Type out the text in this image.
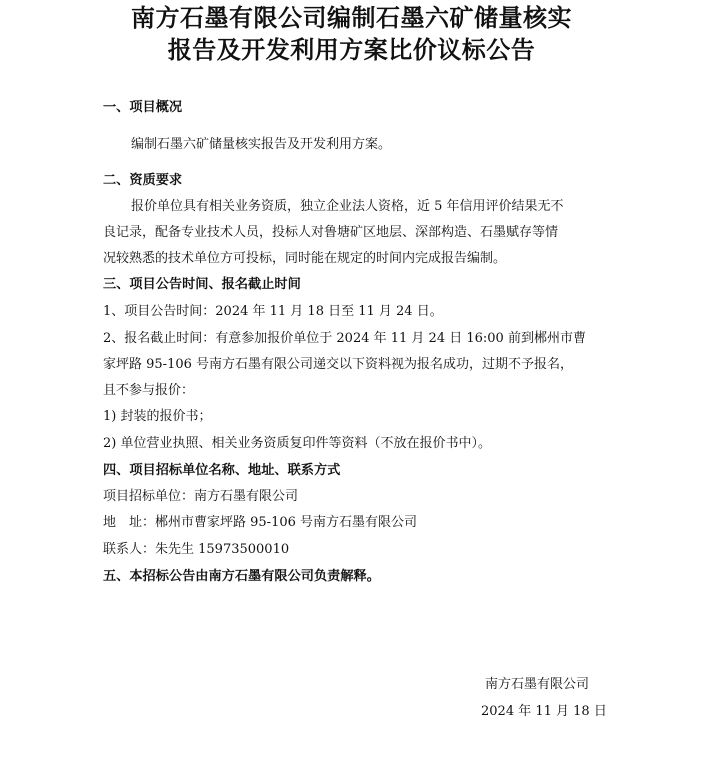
南方石墨有限公司编制石墨六矿储量核实
报告及开发利用方案比价议标公告
一、项目概况
编制石墨六矿储量核实报告及开发利用方案。
二、资质要求
报价单位具有相关业务资质，独立企业法人资格，近 5 年信用评价结果无不
良记录，配备专业技术人员，投标人对鲁塘矿区地层、深部构造、石墨赋存等情
况较熟悉的技术单位方可投标，同时能在规定的时间内完成报告编制。
三、项目公告时间、报名截止时间
1、项目公告时间：2024 年 11 月 18 日至 11 月 24 日。
2、报名截止时间：有意参加报价单位于 2024 年 11 月 24 日 16:00 前到郴州市曹
家坪路 95-106 号南方石墨有限公司递交以下资料视为报名成功，过期不予报名，
且不参与报价：
1) 封装的报价书；
2) 单位营业执照、相关业务资质复印件等资料（不放在报价书中）。
四、项目招标单位名称、地址、联系方式
项目招标单位：南方石墨有限公司
地　址：郴州市曹家坪路 95-106 号南方石墨有限公司
联系人：朱先生 15973500010
五、本招标公告由南方石墨有限公司负责解释。
南方石墨有限公司
2024 年 11 月 18 日
